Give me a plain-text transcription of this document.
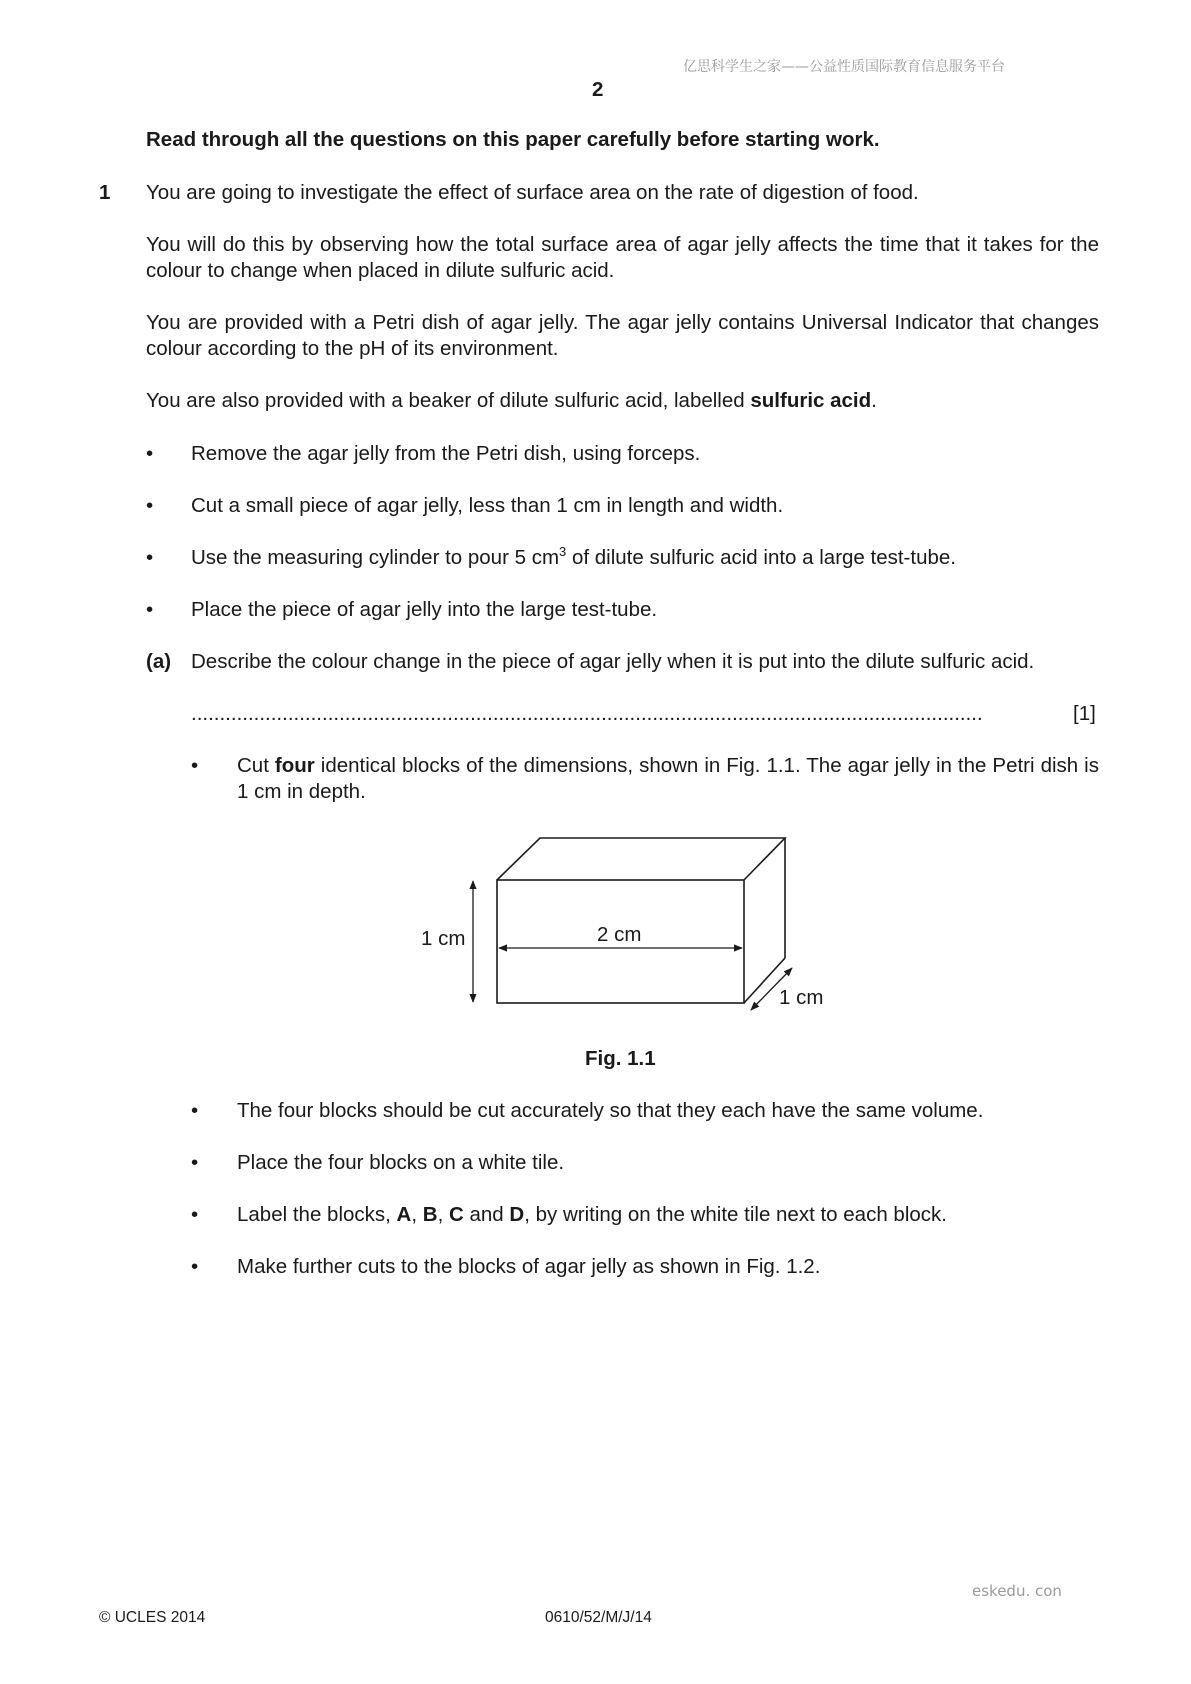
亿思科学生之家——公益性质国际教育信息服务平台
2
Read through all the questions on this paper carefully before starting work.
1 You are going to investigate the effect of surface area on the rate of digestion of food.

You will do this by observing how the total surface area of agar jelly affects the time that it takes for the colour to change when placed in dilute sulfuric acid.

You are provided with a Petri dish of agar jelly. The agar jelly contains Universal Indicator that changes colour according to the pH of its environment.

You are also provided with a beaker of dilute sulfuric acid, labelled sulfuric acid.

• Remove the agar jelly from the Petri dish, using forceps.
• Cut a small piece of agar jelly, less than 1 cm in length and width.
• Use the measuring cylinder to pour 5 $cm^3$ of dilute sulfuric acid into a large test-tube.
• Place the piece of agar jelly into the large test-tube.
(a) Describe the colour change in the piece of agar jelly when it is put into the dilute sulfuric acid.
...........................................................................................................................................	[1]
• Cut four identical blocks of the dimensions, shown in Fig. 1.1. The agar jelly in the Petri dish is 1 cm in depth.

1 cm	2 cm
1 cm
Fig. 1.1
• The four blocks should be cut accurately so that they each have the same volume.
• Place the four blocks on a white tile.
• Label the blocks, A, B, C and D, by writing on the white tile next to each block.
• Make further cuts to the blocks of agar jelly as shown in Fig. 1.2.
eskedu. con
© UCLES 2014	0610/52/M/J/14
